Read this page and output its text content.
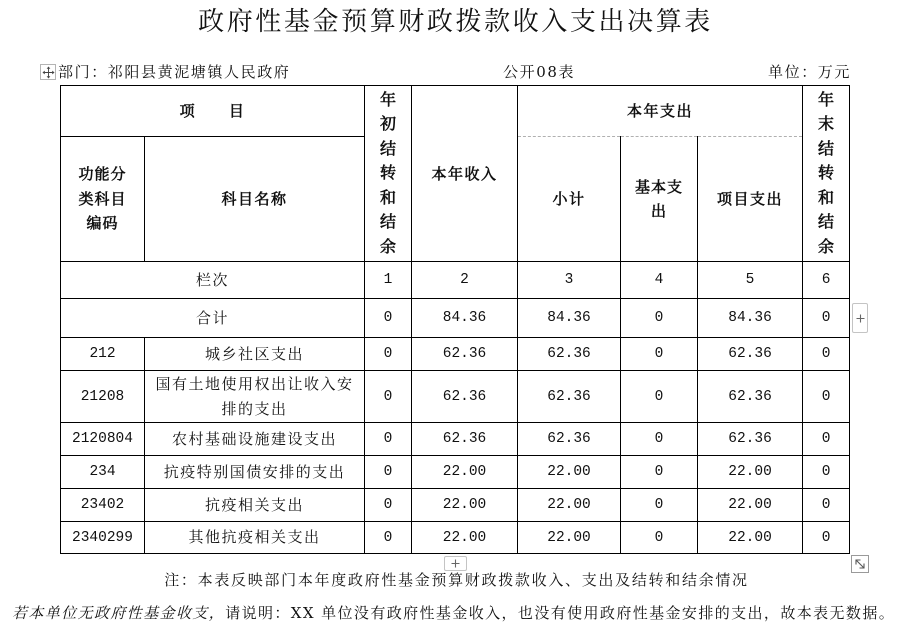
政府性基金预算财政拨款收入支出决算表
部门：祁阳县黄泥塘镇人民政府	公开08表	单位：万元
项 目		年初结转和结余	本年收入	本年支出			年末结转和结余

功能分类科目编码	科目名称			小计	基本支出	项目支出	
栏次		1	2	3	4	5	6
合计		0	84.36	84.36	0	84.36	0
212	城乡社区支出	0	62.36	62.36	0	62.36	0
21208	国有土地使用权出让收入安排的支出	0	62.36	62.36	0	62.36	0
2120804	农村基础设施建设支出	0	62.36	62.36	0	62.36	0
234	抗疫特别国债安排的支出	0	22.00	22.00	0	22.00	0
23402	抗疫相关支出	0	22.00	22.00	0	22.00	0
2340299	其他抗疫相关支出	0	22.00	22.00	0	22.00	0
注：本表反映部门本年度政府性基金预算财政拨款收入、支出及结转和结余情况
若本单位无政府性基金收支，请说明：XX 单位没有政府性基金收入，也没有使用政府性基金安排的支出，故本表无数据。
